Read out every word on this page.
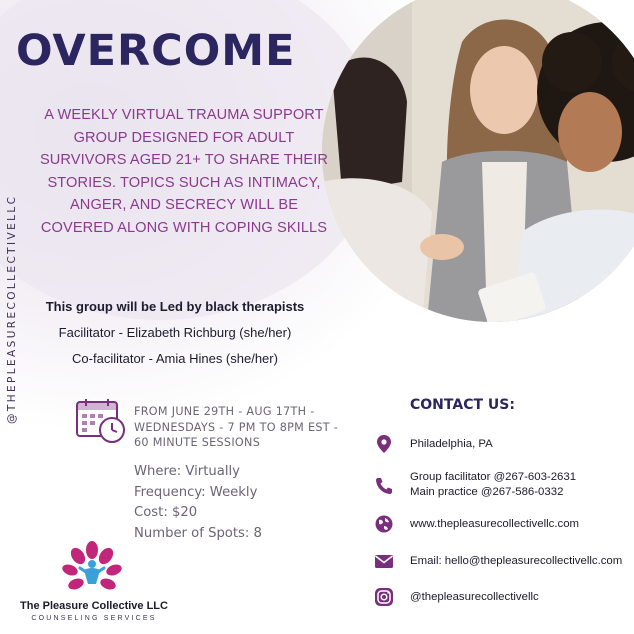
@THEPLEASURECOLLECTIVELLC
OVERCOME

A WEEKLY VIRTUAL TRAUMA SUPPORT GROUP DESIGNED FOR ADULT SURVIVORS AGED 21+ TO SHARE THEIR STORIES. TOPICS SUCH AS INTIMACY, ANGER, AND SECRECY WILL BE COVERED ALONG WITH COPING SKILLS

This group will be Led by black therapists
Facilitator - Elizabeth Richburg (she/her)
Co-facilitator - Amia Hines (she/her)
FROM JUNE 29TH - AUG 17TH -
WEDNESDAYS - 7 PM TO 8PM EST -
60 MINUTE SESSIONS
Where: Virtually
Frequency: Weekly
Cost: $20
Number of Spots: 8
The Pleasure Collective LLC
COUNSELING SERVICES
CONTACT US:
Philadelphia, PA
Group facilitator @267-603-2631
Main practice @267-586-0332
www.thepleasurecollectivellc.com
Email: hello@thepleasurecollectivellc.com
@thepleasurecollectivellc
